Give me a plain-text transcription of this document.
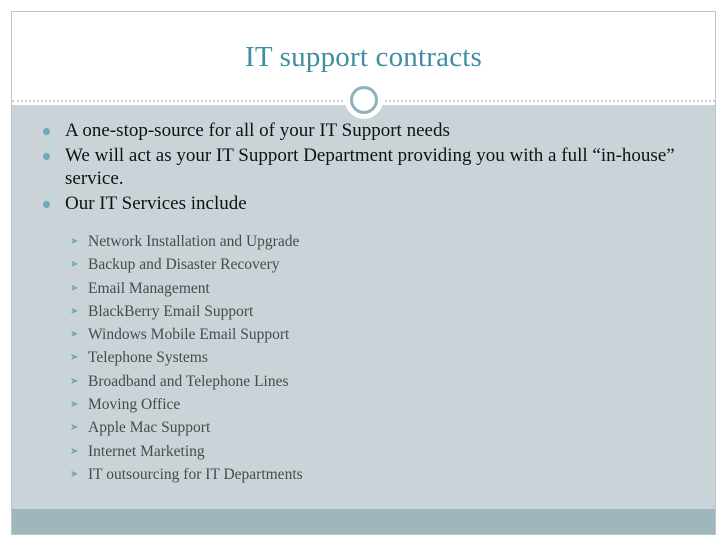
IT support contracts
A one-stop-source for all of your IT Support needs
We will act as your IT Support Department providing you with a full “in-house” service.
Our IT Services include
➤ Network Installation and Upgrade
➤ Backup and Disaster Recovery
➤ Email Management
➤ BlackBerry Email Support
➤ Windows Mobile Email Support
➤ Telephone Systems
➤ Broadband and Telephone Lines
➤ Moving Office
➤ Apple Mac Support
➤ Internet Marketing
➤ IT outsourcing for IT Departments
